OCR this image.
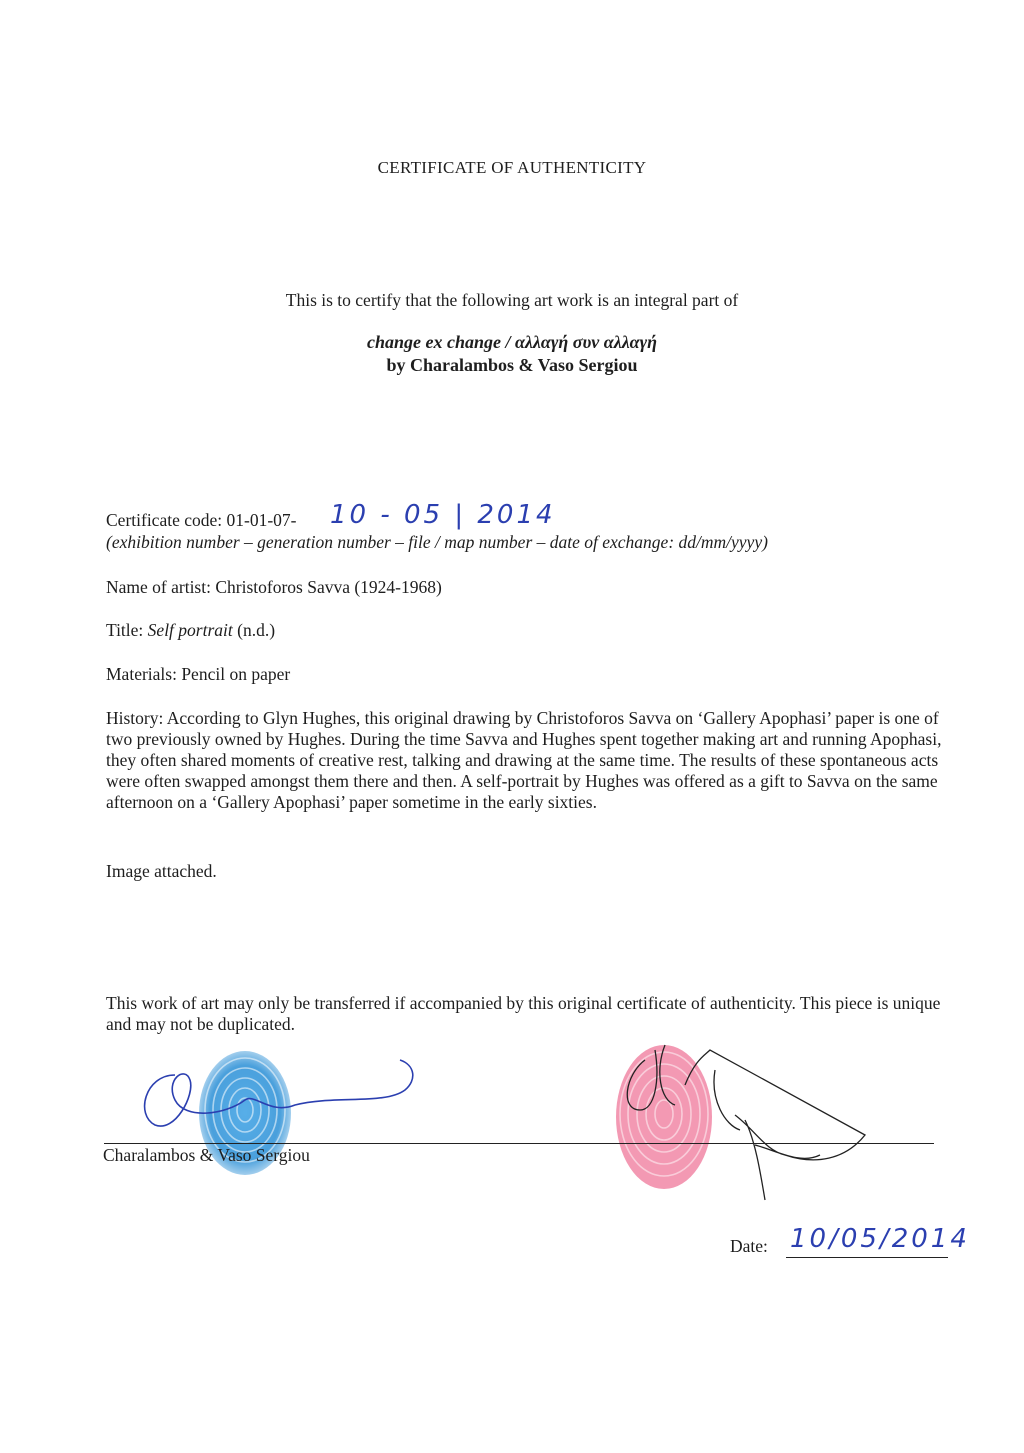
CERTIFICATE OF AUTHENTICITY
This is to certify that the following art work is an integral part of
change ex change / αλλαγή συν αλλαγή
by Charalambos & Vaso Sergiou
Certificate code: 01-01-07-	10 - 05 | 2014
(exhibition number – generation number – file / map number – date of exchange: dd/mm/yyyy)
Name of artist: Christoforos Savva (1924-1968)
Title: Self portrait (n.d.)
Materials: Pencil on paper
History: According to Glyn Hughes, this original drawing by Christoforos Savva on ‘Gallery Apophasi’ paper is one of two previously owned by Hughes. During the time Savva and Hughes spent together making art and running Apophasi, they often shared moments of creative rest, talking and drawing at the same time. The results of these spontaneous acts were often swapped amongst them there and then. A self-portrait by Hughes was offered as a gift to Savva on the same afternoon on a ‘Gallery Apophasi’ paper sometime in the early sixties.
Image attached.
This work of art may only be transferred if accompanied by this original certificate of authenticity. This piece is unique and may not be duplicated.
Charalambos & Vaso Sergiou
Date: 10/05/2014
